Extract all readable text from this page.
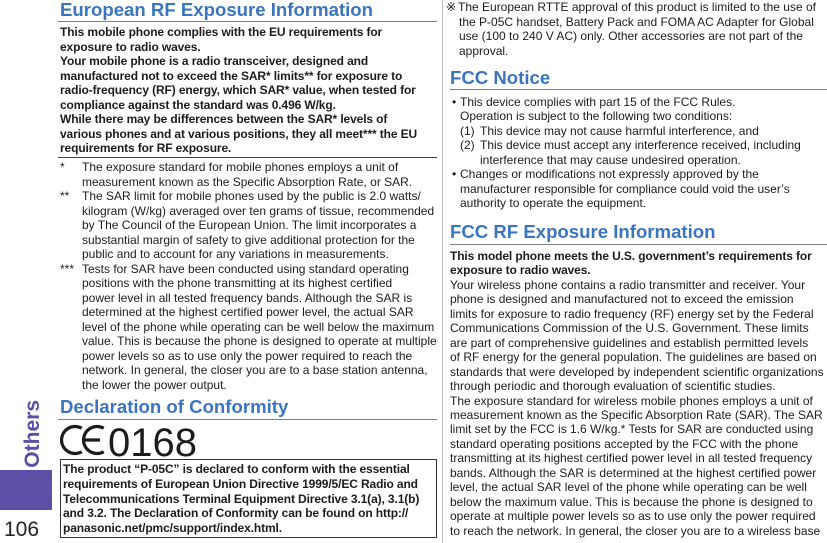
Others
106
European RF Exposure Information
This mobile phone complies with the EU requirements for
exposure to radio waves.
Your mobile phone is a radio transceiver, designed and
manufactured not to exceed the SAR* limits** for exposure to
radio-frequency (RF) energy, which SAR* value, when tested for
compliance against the standard was 0.496 W/kg.
While there may be differences between the SAR* levels of
various phones and at various positions, they all meet*** the EU
requirements for RF exposure.
* The exposure standard for mobile phones employs a unit of
measurement known as the Specific Absorption Rate, or SAR.
** The SAR limit for mobile phones used by the public is 2.0 watts/
kilogram (W/kg) averaged over ten grams of tissue, recommended
by The Council of the European Union. The limit incorporates a
substantial margin of safety to give additional protection for the
public and to account for any variations in measurements.
*** Tests for SAR have been conducted using standard operating
positions with the phone transmitting at its highest certified
power level in all tested frequency bands. Although the SAR is
determined at the highest certified power level, the actual SAR
level of the phone while operating can be well below the maximum
value. This is because the phone is designed to operate at multiple
power levels so as to use only the power required to reach the
network. In general, the closer you are to a base station antenna,
the lower the power output.
Declaration of Conformity
0168
The product “P-05C” is declared to conform with the essential
requirements of European Union Directive 1999/5/EC Radio and
Telecommunications Terminal Equipment Directive 3.1(a), 3.1(b)
and 3.2. The Declaration of Conformity can be found on http://
panasonic.net/pmc/support/index.html.
※ The European RTTE approval of this product is limited to the use of
the P-05C handset, Battery Pack and FOMA AC Adapter for Global
use (100 to 240 V AC) only. Other accessories are not part of the
approval.
FCC Notice
• This device complies with part 15 of the FCC Rules.
Operation is subject to the following two conditions:
(1) This device may not cause harmful interference, and
(2) This device must accept any interference received, including
interference that may cause undesired operation.
• Changes or modifications not expressly approved by the
manufacturer responsible for compliance could void the user’s
authority to operate the equipment.
FCC RF Exposure Information
This model phone meets the U.S. government’s requirements for
exposure to radio waves.
Your wireless phone contains a radio transmitter and receiver. Your
phone is designed and manufactured not to exceed the emission
limits for exposure to radio frequency (RF) energy set by the Federal
Communications Commission of the U.S. Government. These limits
are part of comprehensive guidelines and establish permitted levels
of RF energy for the general population. The guidelines are based on
standards that were developed by independent scientific organizations
through periodic and thorough evaluation of scientific studies.
The exposure standard for wireless mobile phones employs a unit of
measurement known as the Specific Absorption Rate (SAR). The SAR
limit set by the FCC is 1.6 W/kg.* Tests for SAR are conducted using
standard operating positions accepted by the FCC with the phone
transmitting at its highest certified power level in all tested frequency
bands. Although the SAR is determined at the highest certified power
level, the actual SAR level of the phone while operating can be well
below the maximum value. This is because the phone is designed to
operate at multiple power levels so as to use only the power required
to reach the network. In general, the closer you are to a wireless base
